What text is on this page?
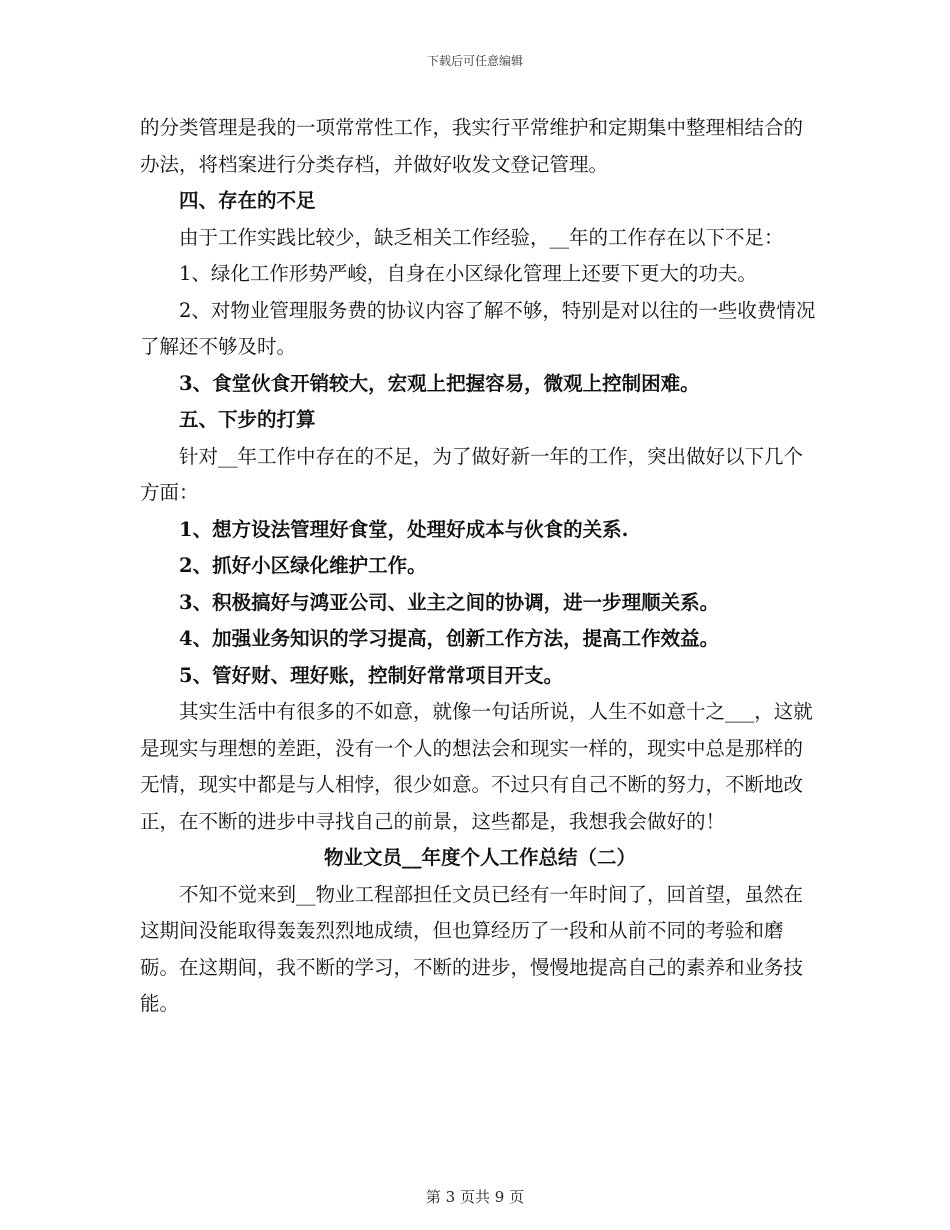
下载后可任意编辑

的分类管理是我的一项常常性工作，我实行平常维护和定期集中整理相结合的办法，将档案进行分类存档，并做好收发文登记管理。

四、存在的不足

由于工作实践比较少，缺乏相关工作经验，__年的工作存在以下不足：

1、绿化工作形势严峻，自身在小区绿化管理上还要下更大的功夫。

2、对物业管理服务费的协议内容了解不够，特别是对以往的一些收费情况了解还不够及时。

3、食堂伙食开销较大，宏观上把握容易，微观上控制困难。

五、下步的打算

针对__年工作中存在的不足，为了做好新一年的工作，突出做好以下几个方面：

1、想方设法管理好食堂，处理好成本与伙食的关系.

2、抓好小区绿化维护工作。

3、积极搞好与鸿亚公司、业主之间的协调，进一步理顺关系。

4、加强业务知识的学习提高，创新工作方法，提高工作效益。

5、管好财、理好账，控制好常常项目开支。

其实生活中有很多的不如意，就像一句话所说，人生不如意十之___，这就是现实与理想的差距，没有一个人的想法会和现实一样的，现实中总是那样的无情，现实中都是与人相悖，很少如意。不过只有自己不断的努力，不断地改正，在不断的进步中寻找自己的前景，这些都是，我想我会做好的！

物业文员__年度个人工作总结（二）

不知不觉来到__物业工程部担任文员已经有一年时间了，回首望，虽然在这期间没能取得轰轰烈烈地成绩，但也算经历了一段和从前不同的考验和磨砺。在这期间，我不断的学习，不断的进步，慢慢地提高自己的素养和业务技能。

第 3 页共 9 页
